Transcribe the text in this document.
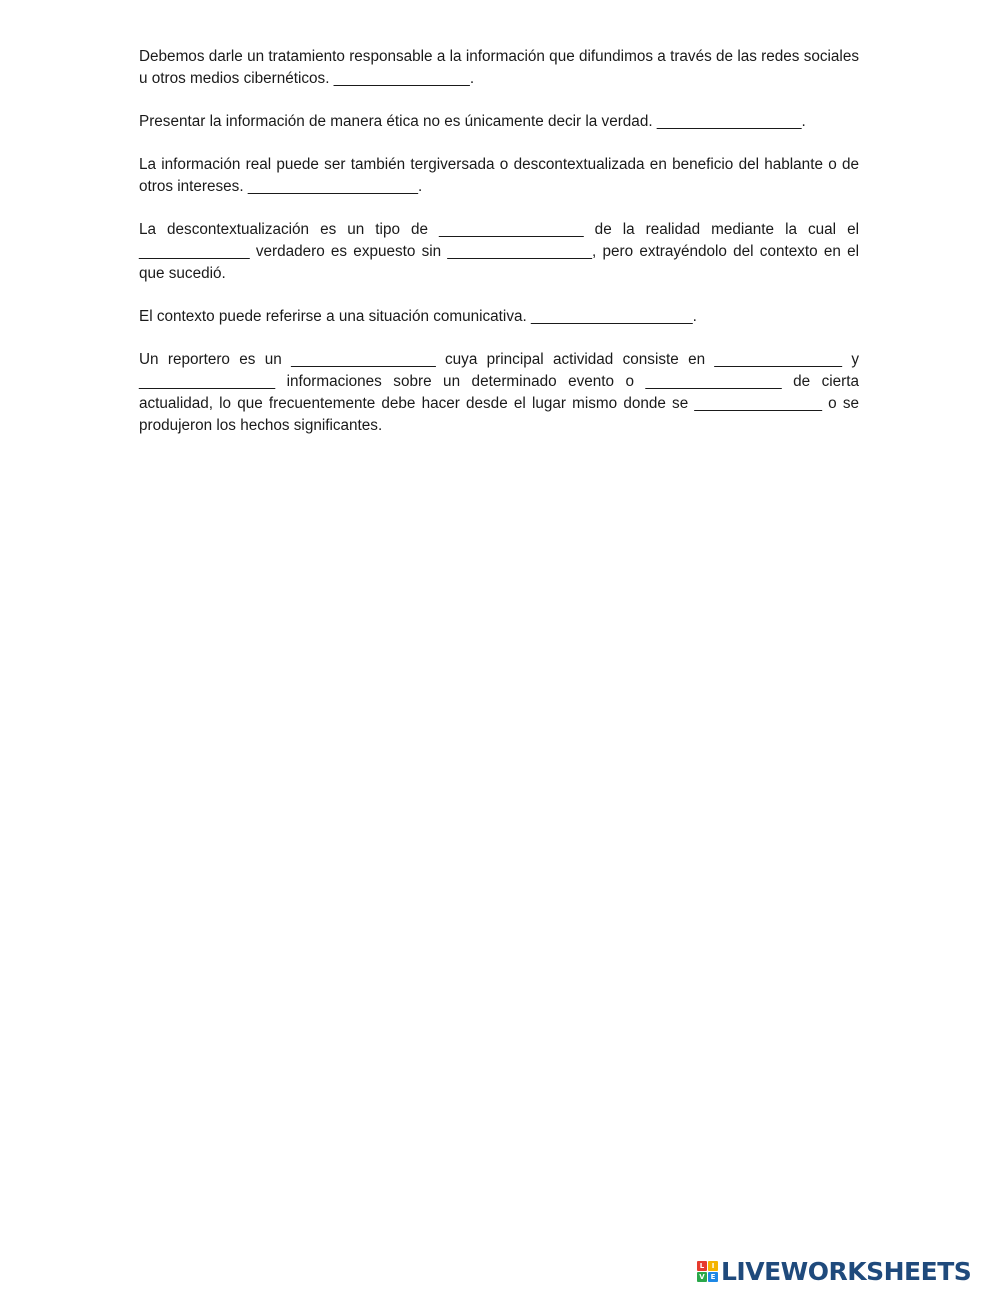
Debemos darle un tratamiento responsable a la información que difundimos a través de las redes sociales u otros medios cibernéticos. ________________.

Presentar la información de manera ética no es únicamente decir la verdad. _________________.

La información real puede ser también tergiversada o descontextualizada en beneficio del hablante o de otros intereses. ____________________.

La descontextualización es un tipo de _________________ de la realidad mediante la cual el _____________ verdadero es expuesto sin _________________, pero extrayéndolo del contexto en el que sucedió.

El contexto puede referirse a una situación comunicativa. ___________________.

Un reportero es un _________________ cuya principal actividad consiste en _______________ y ________________ informaciones sobre un determinado evento o ________________ de cierta actualidad, lo que frecuentemente debe hacer desde el lugar mismo donde se _______________ o se produjeron los hechos significantes.

L	I
V E LIVEWORKSHEETS
